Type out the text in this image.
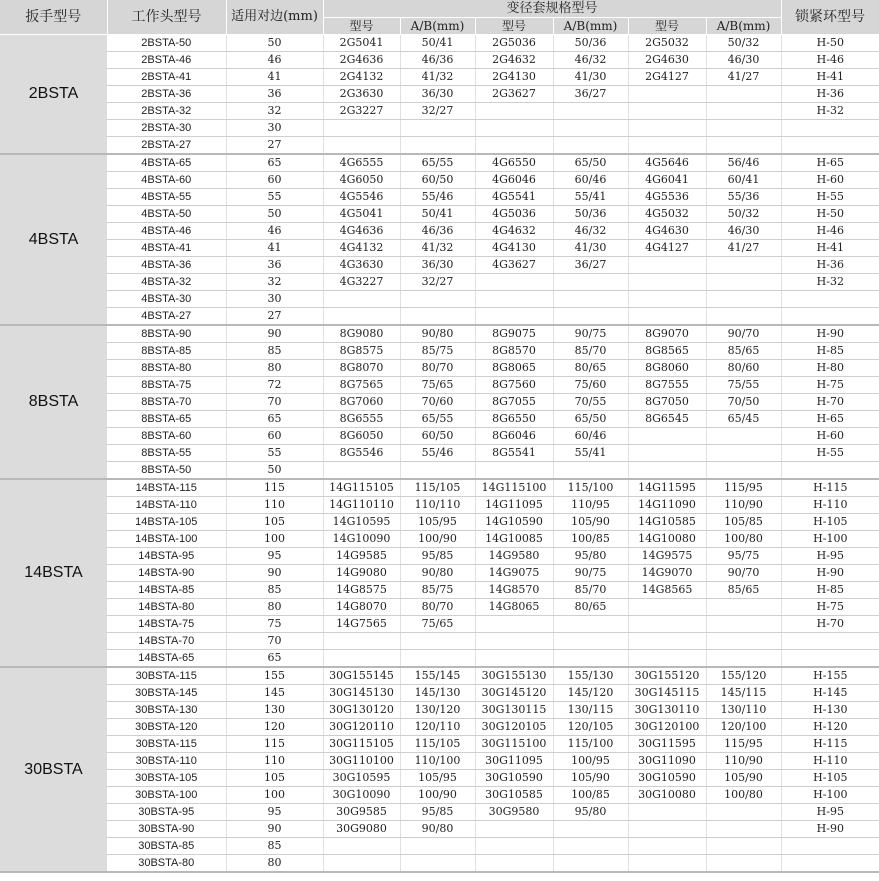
扳手型号	工作头型号	适用对边(mm)	变径套规格型号						锁紧环型号
			型号	A/B(mm)	型号	A/B(mm)	型号	A/B(mm)	
2BSTA	2BSTA-50	50	2G5041	50/41	2G5036	50/36	2G5032	50/32	H-50
	2BSTA-46	46	2G4636	46/36	2G4632	46/32	2G4630	46/30	H-46
	2BSTA-41	41	2G4132	41/32	2G4130	41/30	2G4127	41/27	H-41
	2BSTA-36	36	2G3630	36/30	2G3627	36/27			H-36
	2BSTA-32	32	2G3227	32/27					H-32
	2BSTA-30	30							
	2BSTA-27	27							
4BSTA	4BSTA-65	65	4G6555	65/55	4G6550	65/50	4G5646	56/46	H-65
	4BSTA-60	60	4G6050	60/50	4G6046	60/46	4G6041	60/41	H-60
	4BSTA-55	55	4G5546	55/46	4G5541	55/41	4G5536	55/36	H-55
	4BSTA-50	50	4G5041	50/41	4G5036	50/36	4G5032	50/32	H-50
	4BSTA-46	46	4G4636	46/36	4G4632	46/32	4G4630	46/30	H-46
	4BSTA-41	41	4G4132	41/32	4G4130	41/30	4G4127	41/27	H-41
	4BSTA-36	36	4G3630	36/30	4G3627	36/27			H-36
	4BSTA-32	32	4G3227	32/27					H-32
	4BSTA-30	30							
	4BSTA-27	27							
8BSTA	8BSTA-90	90	8G9080	90/80	8G9075	90/75	8G9070	90/70	H-90
	8BSTA-85	85	8G8575	85/75	8G8570	85/70	8G8565	85/65	H-85
	8BSTA-80	80	8G8070	80/70	8G8065	80/65	8G8060	80/60	H-80
	8BSTA-75	72	8G7565	75/65	8G7560	75/60	8G7555	75/55	H-75
	8BSTA-70	70	8G7060	70/60	8G7055	70/55	8G7050	70/50	H-70
	8BSTA-65	65	8G6555	65/55	8G6550	65/50	8G6545	65/45	H-65
	8BSTA-60	60	8G6050	60/50	8G6046	60/46			H-60
	8BSTA-55	55	8G5546	55/46	8G5541	55/41			H-55
	8BSTA-50	50							
14BSTA	14BSTA-115	115	14G115105	115/105	14G115100	115/100	14G11595	115/95	H-115
	14BSTA-110	110	14G110110	110/110	14G11095	110/95	14G11090	110/90	H-110
	14BSTA-105	105	14G10595	105/95	14G10590	105/90	14G10585	105/85	H-105
	14BSTA-100	100	14G10090	100/90	14G10085	100/85	14G10080	100/80	H-100
	14BSTA-95	95	14G9585	95/85	14G9580	95/80	14G9575	95/75	H-95
	14BSTA-90	90	14G9080	90/80	14G9075	90/75	14G9070	90/70	H-90
	14BSTA-85	85	14G8575	85/75	14G8570	85/70	14G8565	85/65	H-85
	14BSTA-80	80	14G8070	80/70	14G8065	80/65			H-75
	14BSTA-75	75	14G7565	75/65					H-70
	14BSTA-70	70							
	14BSTA-65	65							
30BSTA	30BSTA-115	155	30G155145	155/145	30G155130	155/130	30G155120	155/120	H-155
	30BSTA-145	145	30G145130	145/130	30G145120	145/120	30G145115	145/115	H-145
	30BSTA-130	130	30G130120	130/120	30G130115	130/115	30G130110	130/110	H-130
	30BSTA-120	120	30G120110	120/110	30G120105	120/105	30G120100	120/100	H-120
	30BSTA-115	115	30G115105	115/105	30G115100	115/100	30G11595	115/95	H-115
	30BSTA-110	110	30G110100	110/100	30G11095	100/95	30G11090	110/90	H-110
	30BSTA-105	105	30G10595	105/95	30G10590	105/90	30G10590	105/90	H-105
	30BSTA-100	100	30G10090	100/90	30G10585	100/85	30G10080	100/80	H-100
	30BSTA-95	95	30G9585	95/85	30G9580	95/80			H-95
	30BSTA-90	90	30G9080	90/80					H-90
	30BSTA-85	85							
	30BSTA-80	80							
